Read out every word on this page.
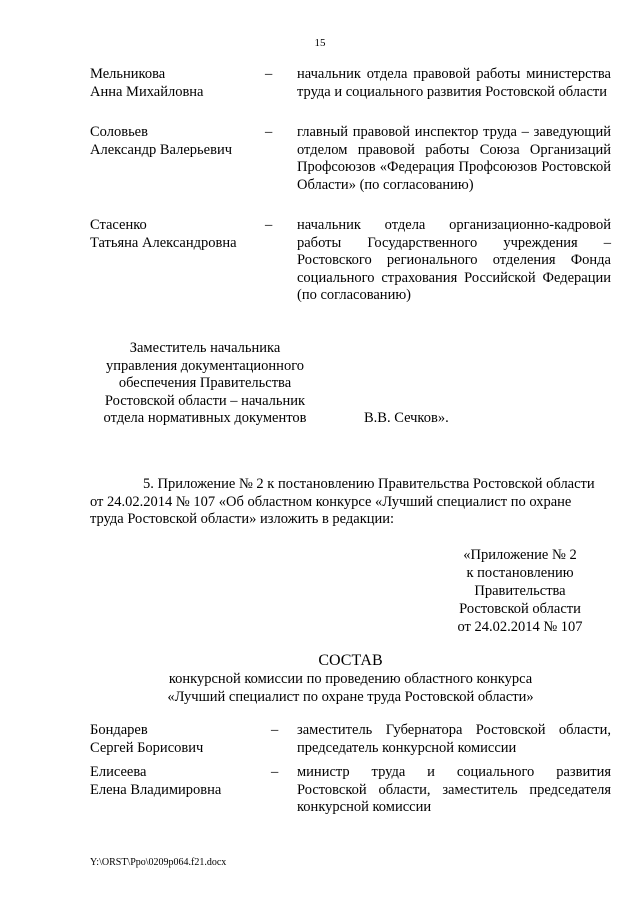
15
Мельникова
Анна Михайловна
– начальник отдела правовой работы министерства труда и социального развития Ростовской области
Соловьев
Александр Валерьевич
– главный правовой инспектор труда – заведующий отделом правовой работы Союза Организаций Профсоюзов «Федерация Профсоюзов Ростовской Области» (по согласованию)
Стасенко
Татьяна Александровна
– начальник отдела организационно-кадровой работы Государственного учреждения – Ростовского регионального отделения Фонда социального страхования Российской Федерации (по согласованию)
Заместитель начальника
управления документационного
обеспечения Правительства
Ростовской области – начальник
отдела нормативных документов	В.В. Сечков».

5. Приложение № 2 к постановлению Правительства Ростовской области

от 24.02.2014 № 107 «Об областном конкурсе «Лучший специалист по охране

труда Ростовской области» изложить в редакции:

«Приложение № 2
к постановлению
Правительства
Ростовской области
от 24.02.2014 № 107
СОСТАВ
конкурсной комиссии по проведению областного конкурса
«Лучший специалист по охране труда Ростовской области»
Бондарев
Сергей Борисович
– заместитель Губернатора Ростовской области, председатель конкурсной комиссии
Елисеева
Елена Владимировна
– министр труда и социального развития Ростовской области, заместитель председателя конкурсной комиссии
Y:\ORST\Ppo\0209p064.f21.docx
